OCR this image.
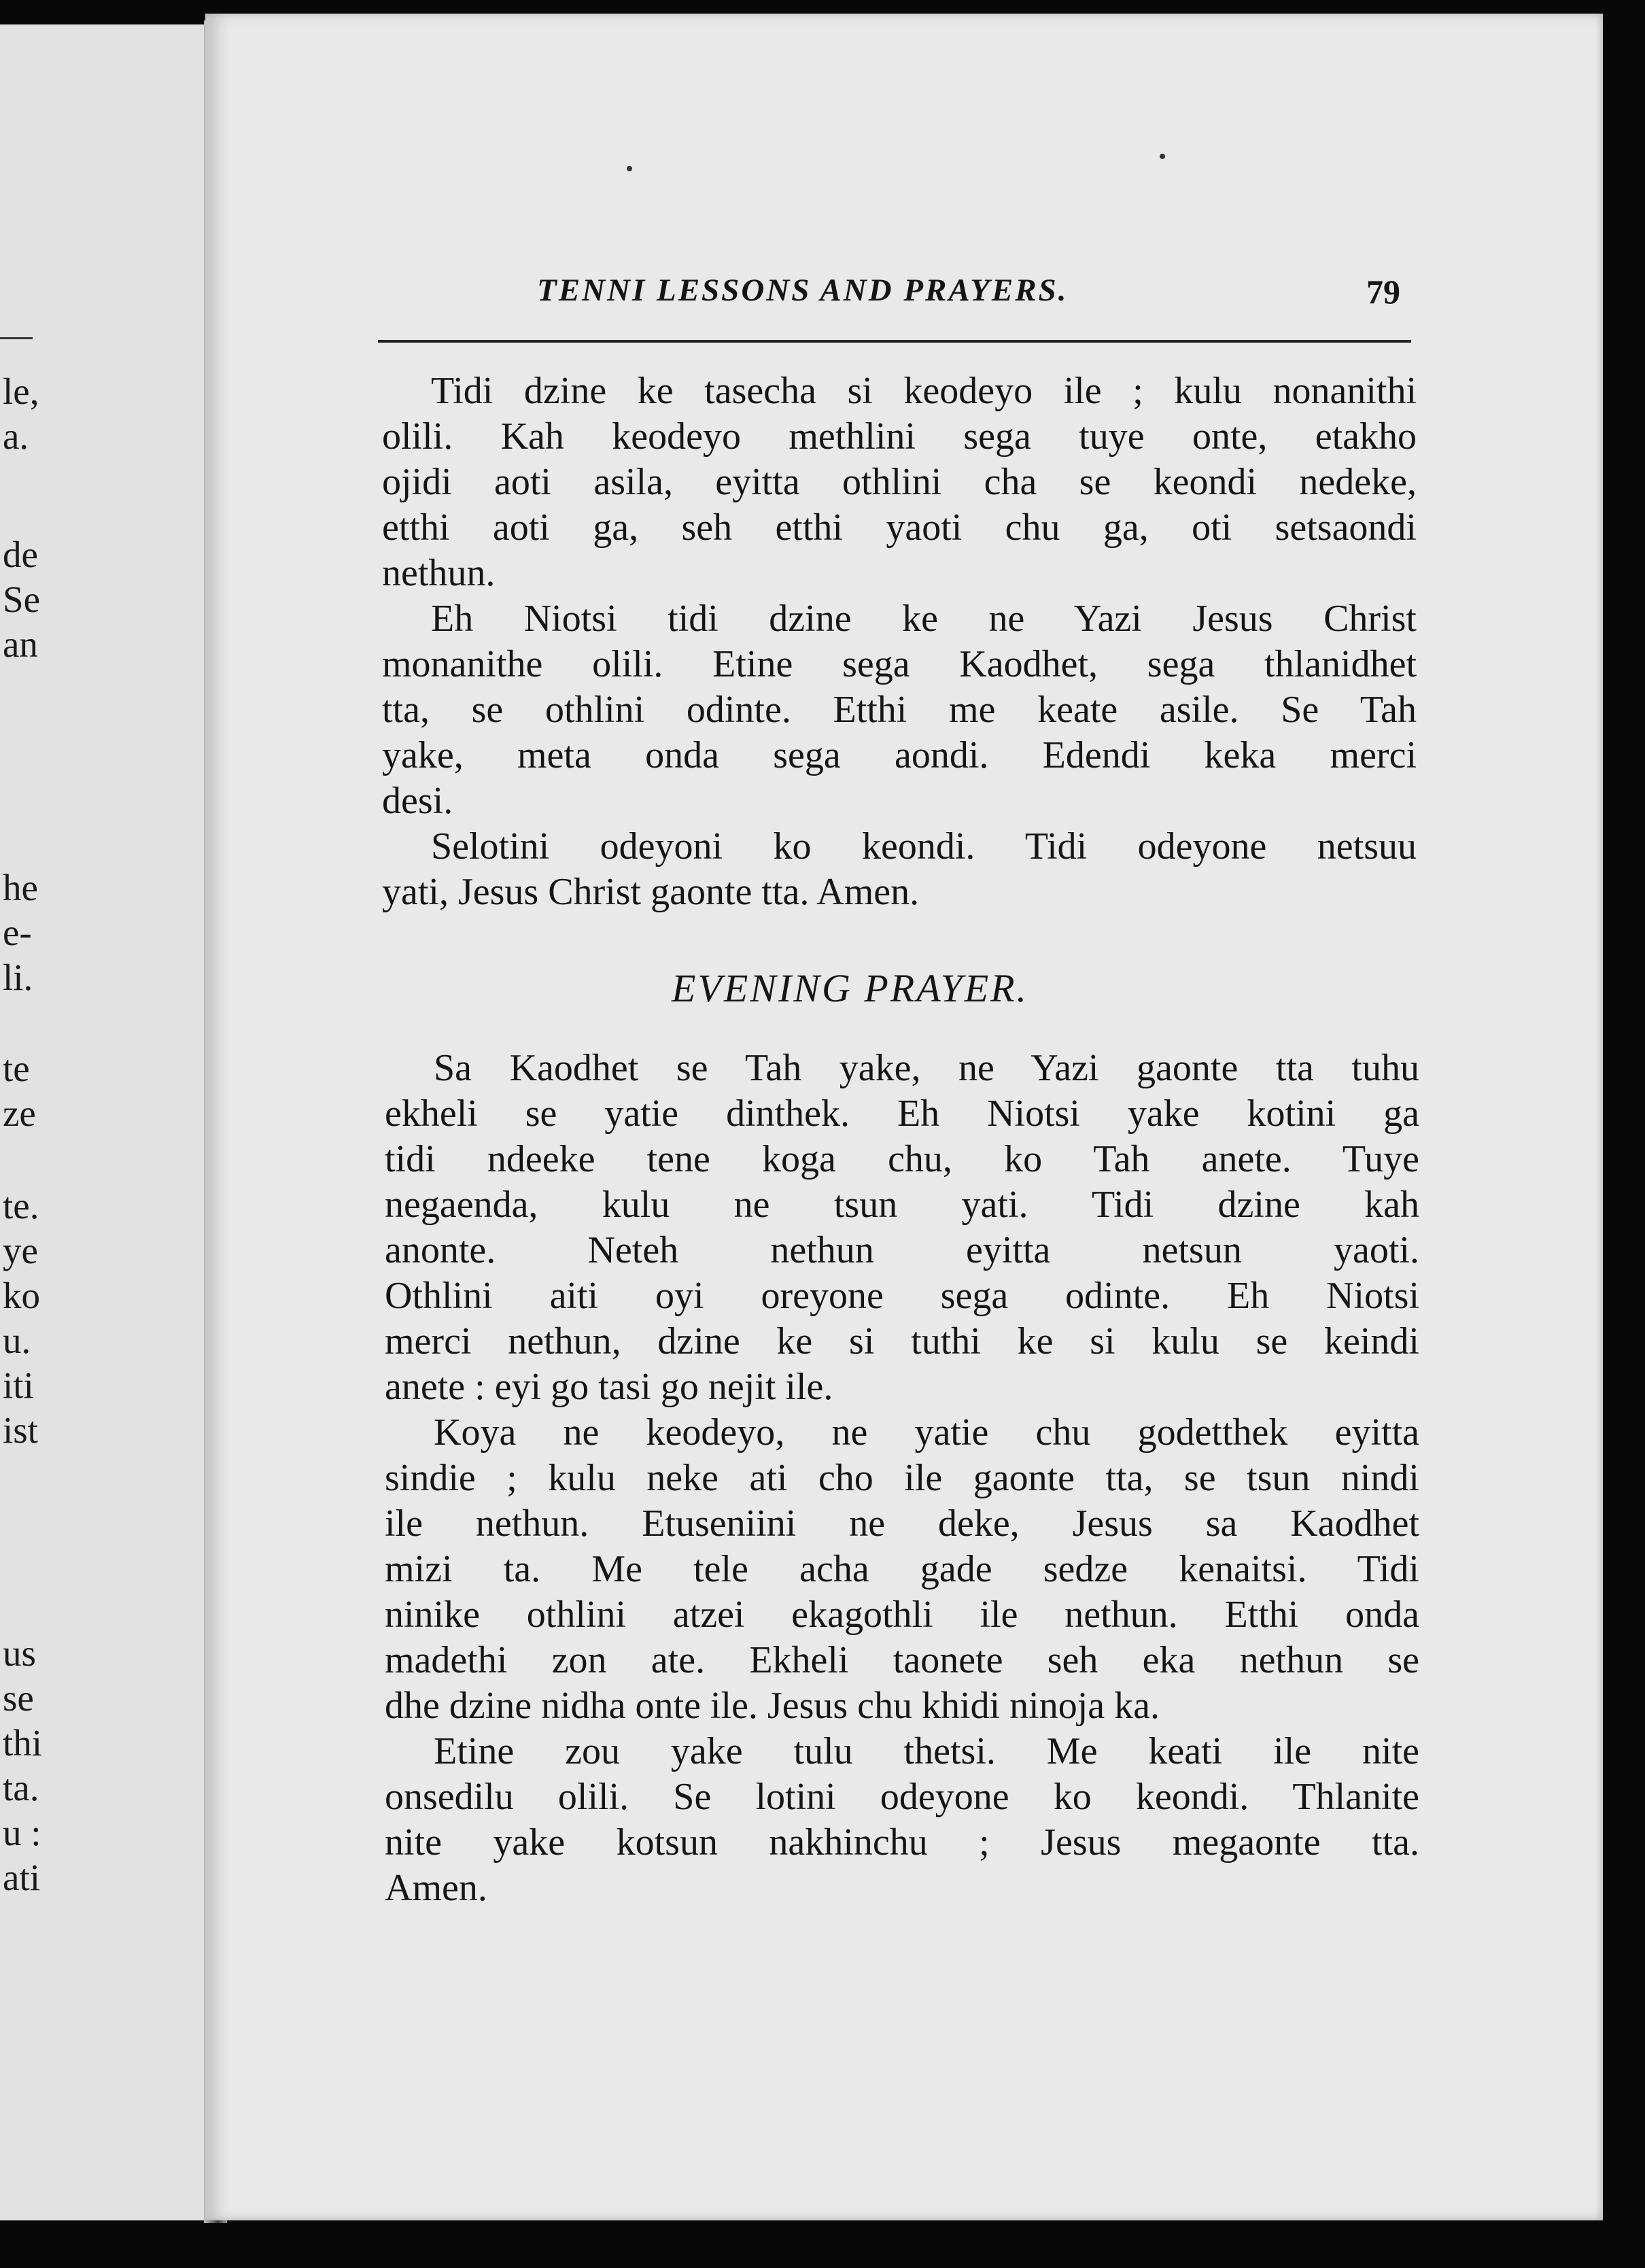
le,
a.
de
Se
an
he
e-
li.
te
ze
te.
ye
ko
u.
iti
ist
us
se
thi
ta.
u :
ati
TENNI LESSONS AND PRAYERS.	79
Tidi dzine ke tasecha si keodeyo ile ; kulu nonanithi
olili. Kah keodeyo methlini sega tuye onte, etakho
ojidi aoti asila, eyitta othlini cha se keondi nedeke,
etthi aoti ga, seh etthi yaoti chu ga, oti setsaondi
nethun.
Eh Niotsi tidi dzine ke ne Yazi Jesus Christ
monanithe olili. Etine sega Kaodhet, sega thlanidhet
tta, se othlini odinte. Etthi me keate asile. Se Tah
yake, meta onda sega aondi. Edendi keka merci
desi.
Selotini odeyoni ko keondi. Tidi odeyone netsuu
yati, Jesus Christ gaonte tta. Amen.
EVENING PRAYER.
Sa Kaodhet se Tah yake, ne Yazi gaonte tta tuhu
ekheli se yatie dinthek. Eh Niotsi yake kotini ga
tidi ndeeke tene koga chu, ko Tah anete. Tuye
negaenda, kulu ne tsun yati. Tidi dzine kah
anonte. Neteh nethun eyitta netsun yaoti.
Othlini aiti oyi oreyone sega odinte. Eh Niotsi
merci nethun, dzine ke si tuthi ke si kulu se keindi
anete : eyi go tasi go nejit ile.
Koya ne keodeyo, ne yatie chu godetthek eyitta
sindie ; kulu neke ati cho ile gaonte tta, se tsun nindi
ile nethun. Etuseniini ne deke, Jesus sa Kaodhet
mizi ta. Me tele acha gade sedze kenaitsi. Tidi
ninike othlini atzei ekagothli ile nethun. Etthi onda
madethi zon ate. Ekheli taonete seh eka nethun se
dhe dzine nidha onte ile. Jesus chu khidi ninoja ka.
Etine zou yake tulu thetsi. Me keati ile nite
onsedilu olili. Se lotini odeyone ko keondi. Thlanite
nite yake kotsun nakhinchu ; Jesus megaonte tta.
Amen.
